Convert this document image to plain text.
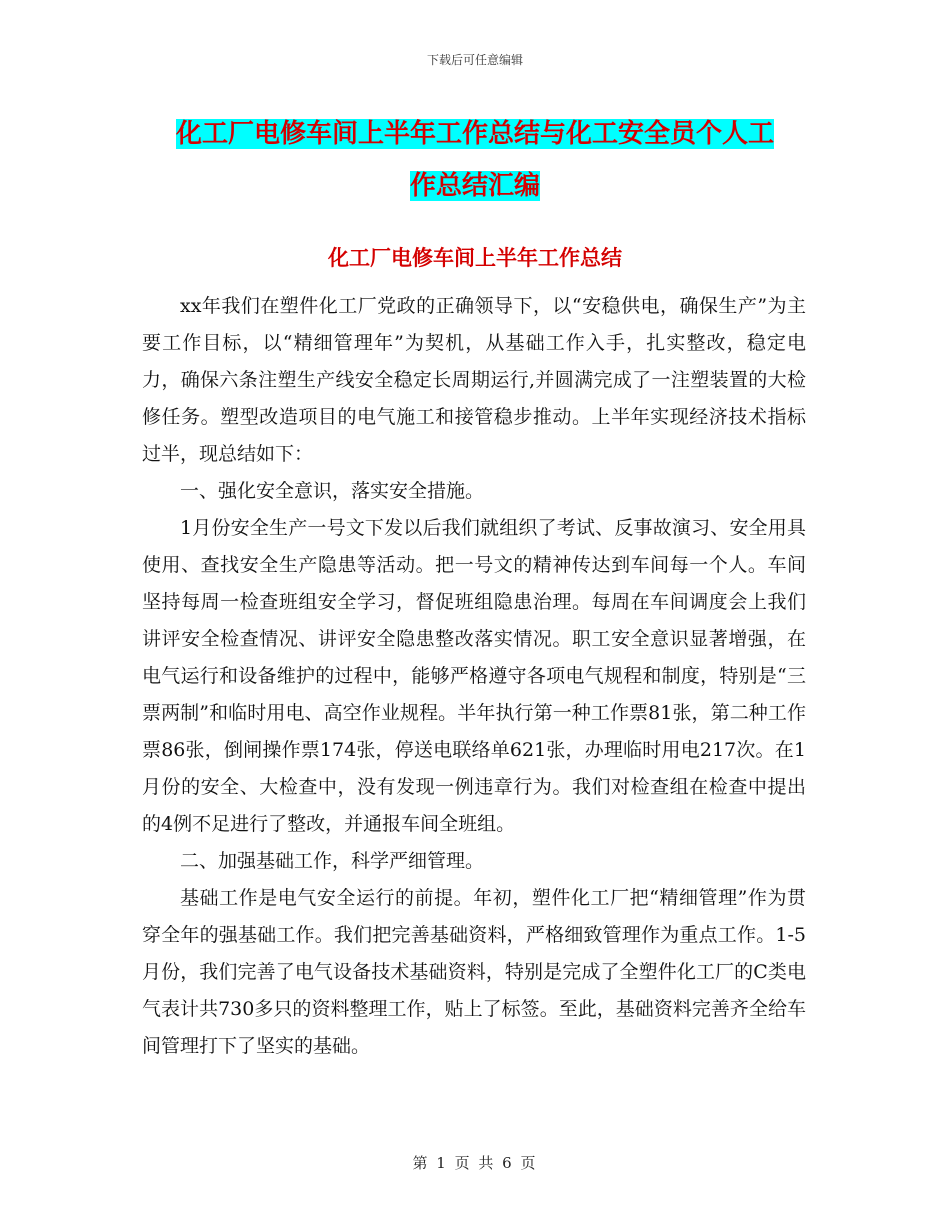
下载后可任意编辑
化工厂电修车间上半年工作总结与化工安全员个人工
作总结汇编
化工厂电修车间上半年工作总结

xx年我们在塑件化工厂党政的正确领导下，以“安稳供电，确保生产”为主要工作目标，以“精细管理年”为契机，从基础工作入手，扎实整改，稳定电力，确保六条注塑生产线安全稳定长周期运行,并圆满完成了一注塑装置的大检修任务。塑型改造项目的电气施工和接管稳步推动。上半年实现经济技术指标过半，现总结如下：

一、强化安全意识，落实安全措施。

1月份安全生产一号文下发以后我们就组织了考试、反事故演习、安全用具使用、查找安全生产隐患等活动。把一号文的精神传达到车间每一个人。车间坚持每周一检查班组安全学习，督促班组隐患治理。每周在车间调度会上我们讲评安全检查情况、讲评安全隐患整改落实情况。职工安全意识显著增强，在电气运行和设备维护的过程中，能够严格遵守各项电气规程和制度，特别是“三票两制”和临时用电、高空作业规程。半年执行第一种工作票81张，第二种工作票86张，倒闸操作票174张，停送电联络单621张，办理临时用电217次。在1月份的安全、大检查中，没有发现一例违章行为。我们对检查组在检查中提出的4例不足进行了整改，并通报车间全班组。

二、加强基础工作，科学严细管理。

基础工作是电气安全运行的前提。年初，塑件化工厂把“精细管理”作为贯穿全年的强基础工作。我们把完善基础资料，严格细致管理作为重点工作。1-5月份，我们完善了电气设备技术基础资料，特别是完成了全塑件化工厂的C类电气表计共730多只的资料整理工作，贴上了标签。至此，基础资料完善齐全给车间管理打下了坚实的基础。

第 1 页 共 6 页
